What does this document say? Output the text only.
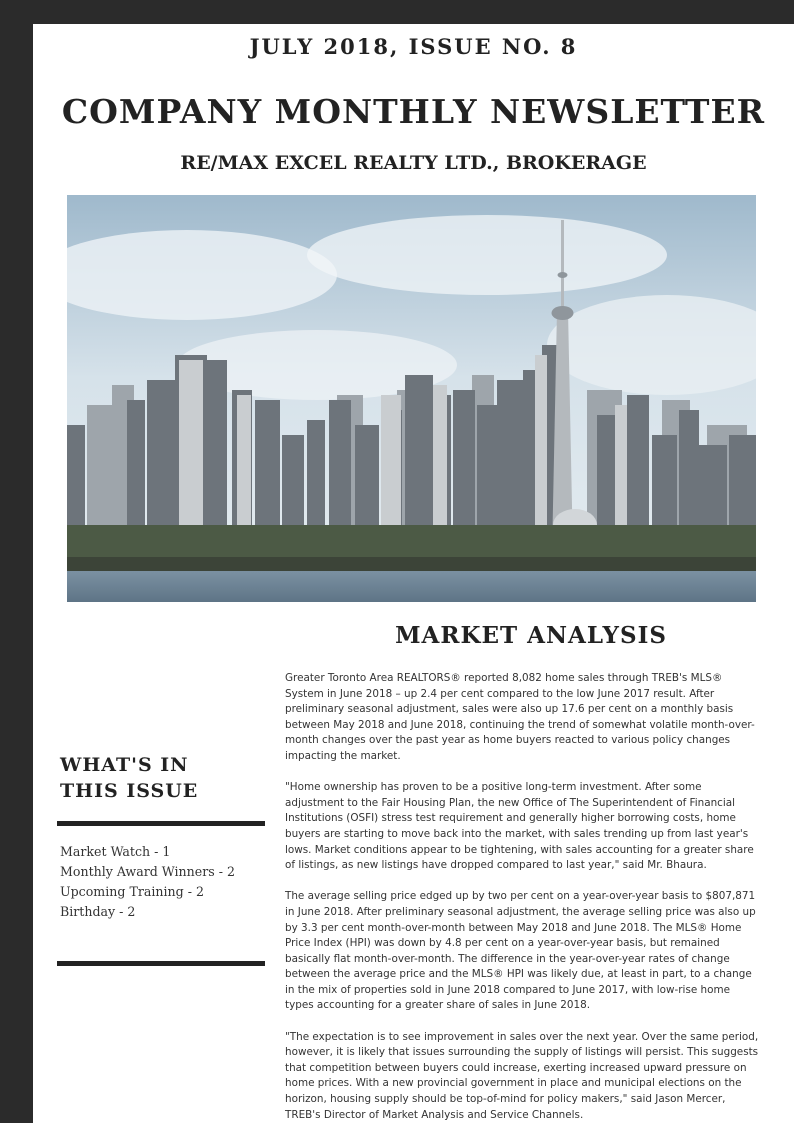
JULY 2018, ISSUE NO. 8
COMPANY MONTHLY NEWSLETTER
RE/MAX EXCEL REALTY LTD., BROKERAGE
MARKET ANALYSIS

Greater Toronto Area REALTORS® reported 8,082 home sales through TREB's MLS® System in June 2018 – up 2.4 per cent compared to the low June 2017 result. After preliminary seasonal adjustment, sales were also up 17.6 per cent on a monthly basis between May 2018 and June 2018, continuing the trend of somewhat volatile month-over-month changes over the past year as home buyers reacted to various policy changes impacting the market.

"Home ownership has proven to be a positive long-term investment. After some adjustment to the Fair Housing Plan, the new Office of The Superintendent of Financial Institutions (OSFI) stress test requirement and generally higher borrowing costs, home buyers are starting to move back into the market, with sales trending up from last year's lows. Market conditions appear to be tightening, with sales accounting for a greater share of listings, as new listings have dropped compared to last year," said Mr. Bhaura.

The average selling price edged up by two per cent on a year-over-year basis to $807,871 in June 2018. After preliminary seasonal adjustment, the average selling price was also up by 3.3 per cent month-over-month between May 2018 and June 2018. The MLS® Home Price Index (HPI) was down by 4.8 per cent on a year-over-year basis, but remained basically flat month-over-month. The difference in the year-over-year rates of change between the average price and the MLS® HPI was likely due, at least in part, to a change in the mix of properties sold in June 2018 compared to June 2017, with low-rise home types accounting for a greater share of sales in June 2018.

"The expectation is to see improvement in sales over the next year. Over the same period, however, it is likely that issues surrounding the supply of listings will persist. This suggests that competition between buyers could increase, exerting increased upward pressure on home prices. With a new provincial government in place and municipal elections on the horizon, housing supply should be top-of-mind for policy makers," said Jason Mercer, TREB's Director of Market Analysis and Service Channels.

WHAT'S IN
THIS ISSUE
Market Watch - 1
Monthly Award Winners - 2
Upcoming Training - 2
Birthday - 2
